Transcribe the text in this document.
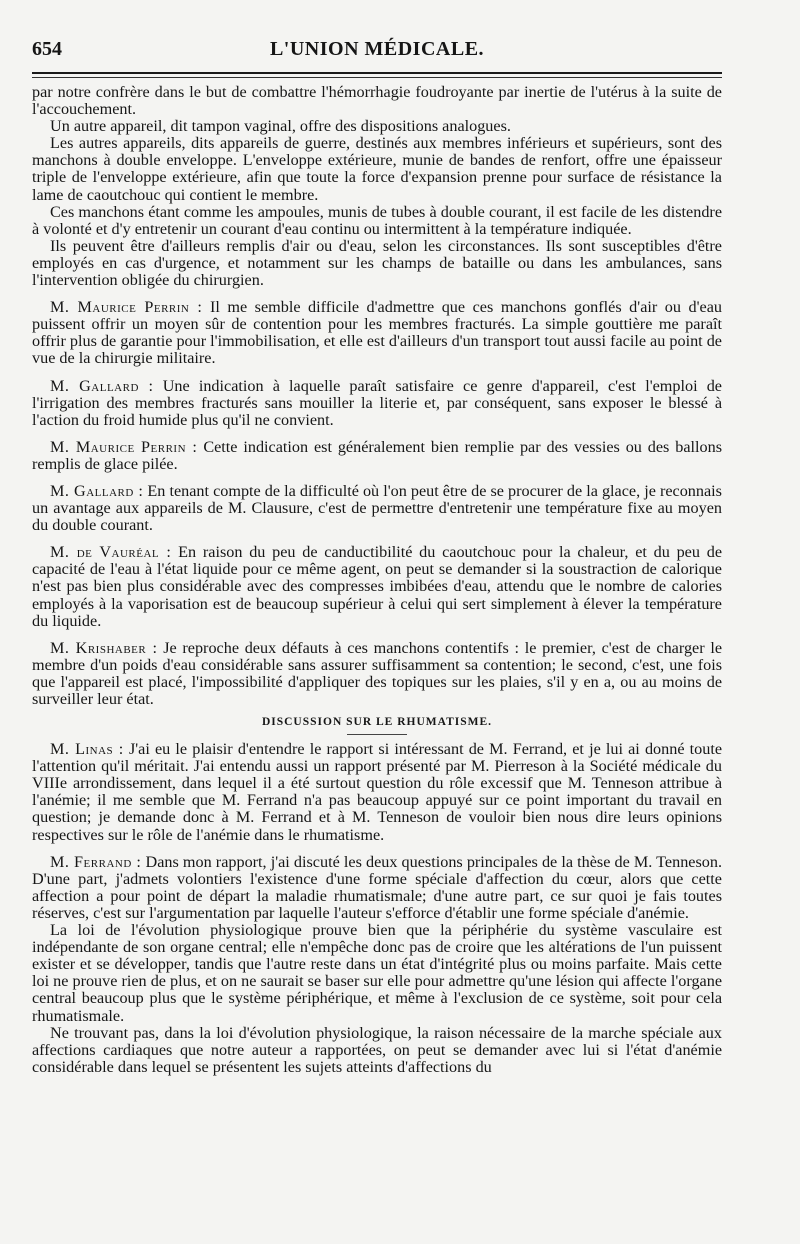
654	L'UNION MÉDICALE.

par notre confrère dans le but de combattre l'hémorrhagie foudroyante par inertie de l'utérus à la suite de l'accouchement.

Un autre appareil, dit tampon vaginal, offre des dispositions analogues.

Les autres appareils, dits appareils de guerre, destinés aux membres inférieurs et supérieurs, sont des manchons à double enveloppe. L'enveloppe extérieure, munie de bandes de renfort, offre une épaisseur triple de l'enveloppe extérieure, afin que toute la force d'expansion prenne pour surface de résistance la lame de caoutchouc qui contient le membre.

Ces manchons étant comme les ampoules, munis de tubes à double courant, il est facile de les distendre à volonté et d'y entretenir un courant d'eau continu ou intermittent à la température indiquée.

Ils peuvent être d'ailleurs remplis d'air ou d'eau, selon les circonstances. Ils sont susceptibles d'être employés en cas d'urgence, et notamment sur les champs de bataille ou dans les ambulances, sans l'intervention obligée du chirurgien.

M. Maurice Perrin : Il me semble difficile d'admettre que ces manchons gonflés d'air ou d'eau puissent offrir un moyen sûr de contention pour les membres fracturés. La simple gouttière me paraît offrir plus de garantie pour l'immobilisation, et elle est d'ailleurs d'un transport tout aussi facile au point de vue de la chirurgie militaire.

M. Gallard : Une indication à laquelle paraît satisfaire ce genre d'appareil, c'est l'emploi de l'irrigation des membres fracturés sans mouiller la literie et, par conséquent, sans exposer le blessé à l'action du froid humide plus qu'il ne convient.

M. Maurice Perrin : Cette indication est généralement bien remplie par des vessies ou des ballons remplis de glace pilée.

M. Gallard : En tenant compte de la difficulté où l'on peut être de se procurer de la glace, je reconnais un avantage aux appareils de M. Clausure, c'est de permettre d'entretenir une température fixe au moyen du double courant.

M. de Vauréal : En raison du peu de canductibilité du caoutchouc pour la chaleur, et du peu de capacité de l'eau à l'état liquide pour ce même agent, on peut se demander si la soustraction de calorique n'est pas bien plus considérable avec des compresses imbibées d'eau, attendu que le nombre de calories employés à la vaporisation est de beaucoup supérieur à celui qui sert simplement à élever la température du liquide.

M. Krishaber : Je reproche deux défauts à ces manchons contentifs : le premier, c'est de charger le membre d'un poids d'eau considérable sans assurer suffisamment sa contention; le second, c'est, une fois que l'appareil est placé, l'impossibilité d'appliquer des topiques sur les plaies, s'il y en a, ou au moins de surveiller leur état.

DISCUSSION SUR LE RHUMATISME.

M. Linas : J'ai eu le plaisir d'entendre le rapport si intéressant de M. Ferrand, et je lui ai donné toute l'attention qu'il méritait. J'ai entendu aussi un rapport présenté par M. Pierreson à la Société médicale du VIIIe arrondissement, dans lequel il a été surtout question du rôle excessif que M. Tenneson attribue à l'anémie; il me semble que M. Ferrand n'a pas beaucoup appuyé sur ce point important du travail en question; je demande donc à M. Ferrand et à M. Tenneson de vouloir bien nous dire leurs opinions respectives sur le rôle de l'anémie dans le rhumatisme.

M. Ferrand : Dans mon rapport, j'ai discuté les deux questions principales de la thèse de M. Tenneson. D'une part, j'admets volontiers l'existence d'une forme spéciale d'affection du cœur, alors que cette affection a pour point de départ la maladie rhumatismale; d'une autre part, ce sur quoi je fais toutes réserves, c'est sur l'argumentation par laquelle l'auteur s'efforce d'établir une forme spéciale d'anémie.

La loi de l'évolution physiologique prouve bien que la périphérie du système vasculaire est indépendante de son organe central; elle n'empêche donc pas de croire que les altérations de l'un puissent exister et se développer, tandis que l'autre reste dans un état d'intégrité plus ou moins parfaite. Mais cette loi ne prouve rien de plus, et on ne saurait se baser sur elle pour admettre qu'une lésion qui affecte l'organe central beaucoup plus que le système périphérique, et même à l'exclusion de ce système, soit pour cela rhumatismale.

Ne trouvant pas, dans la loi d'évolution physiologique, la raison nécessaire de la marche spéciale aux affections cardiaques que notre auteur a rapportées, on peut se demander avec lui si l'état d'anémie considérable dans lequel se présentent les sujets atteints d'affections du
